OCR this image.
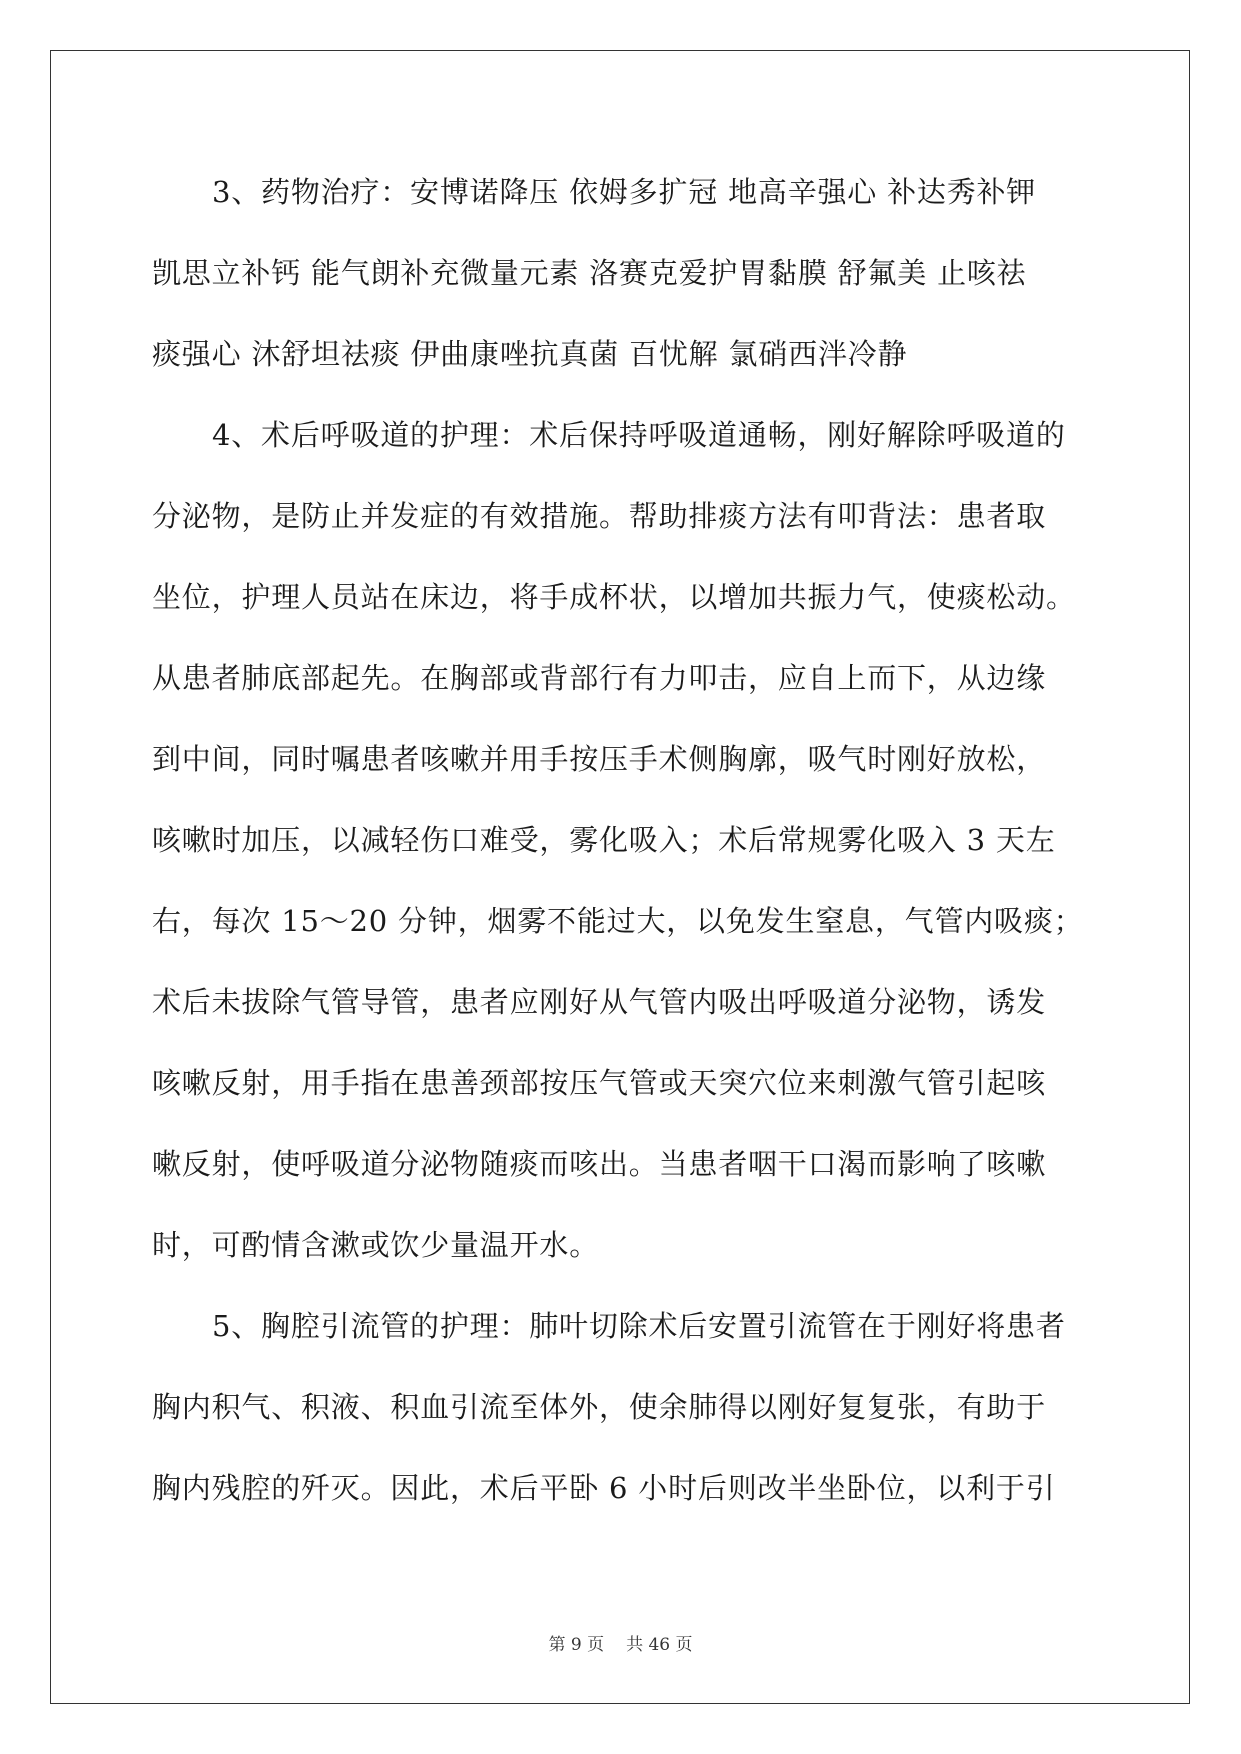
3、药物治疗：安博诺降压 依姆多扩冠 地高辛强心 补达秀补钾
凯思立补钙 能气朗补充微量元素 洛赛克爱护胃黏膜 舒氟美 止咳祛
痰强心 沐舒坦祛痰 伊曲康唑抗真菌 百忧解 氯硝西泮冷静
4、术后呼吸道的护理：术后保持呼吸道通畅，刚好解除呼吸道的
分泌物，是防止并发症的有效措施。帮助排痰方法有叩背法：患者取
坐位，护理人员站在床边，将手成杯状，以增加共振力气，使痰松动。
从患者肺底部起先。在胸部或背部行有力叩击，应自上而下，从边缘
到中间，同时嘱患者咳嗽并用手按压手术侧胸廓，吸气时刚好放松，
咳嗽时加压，以减轻伤口难受，雾化吸入；术后常规雾化吸入 3 天左
右，每次 15～20 分钟，烟雾不能过大，以免发生窒息，气管内吸痰；
术后未拔除气管导管，患者应刚好从气管内吸出呼吸道分泌物，诱发
咳嗽反射，用手指在患善颈部按压气管或天突穴位来刺激气管引起咳
嗽反射，使呼吸道分泌物随痰而咳出。当患者咽干口渴而影响了咳嗽
时，可酌情含漱或饮少量温开水。
5、胸腔引流管的护理：肺叶切除术后安置引流管在于刚好将患者
胸内积气、积液、积血引流至体外，使余肺得以刚好复复张，有助于
胸内残腔的歼灭。因此，术后平卧 6 小时后则改半坐卧位，以利于引
第 9 页 共 46 页
